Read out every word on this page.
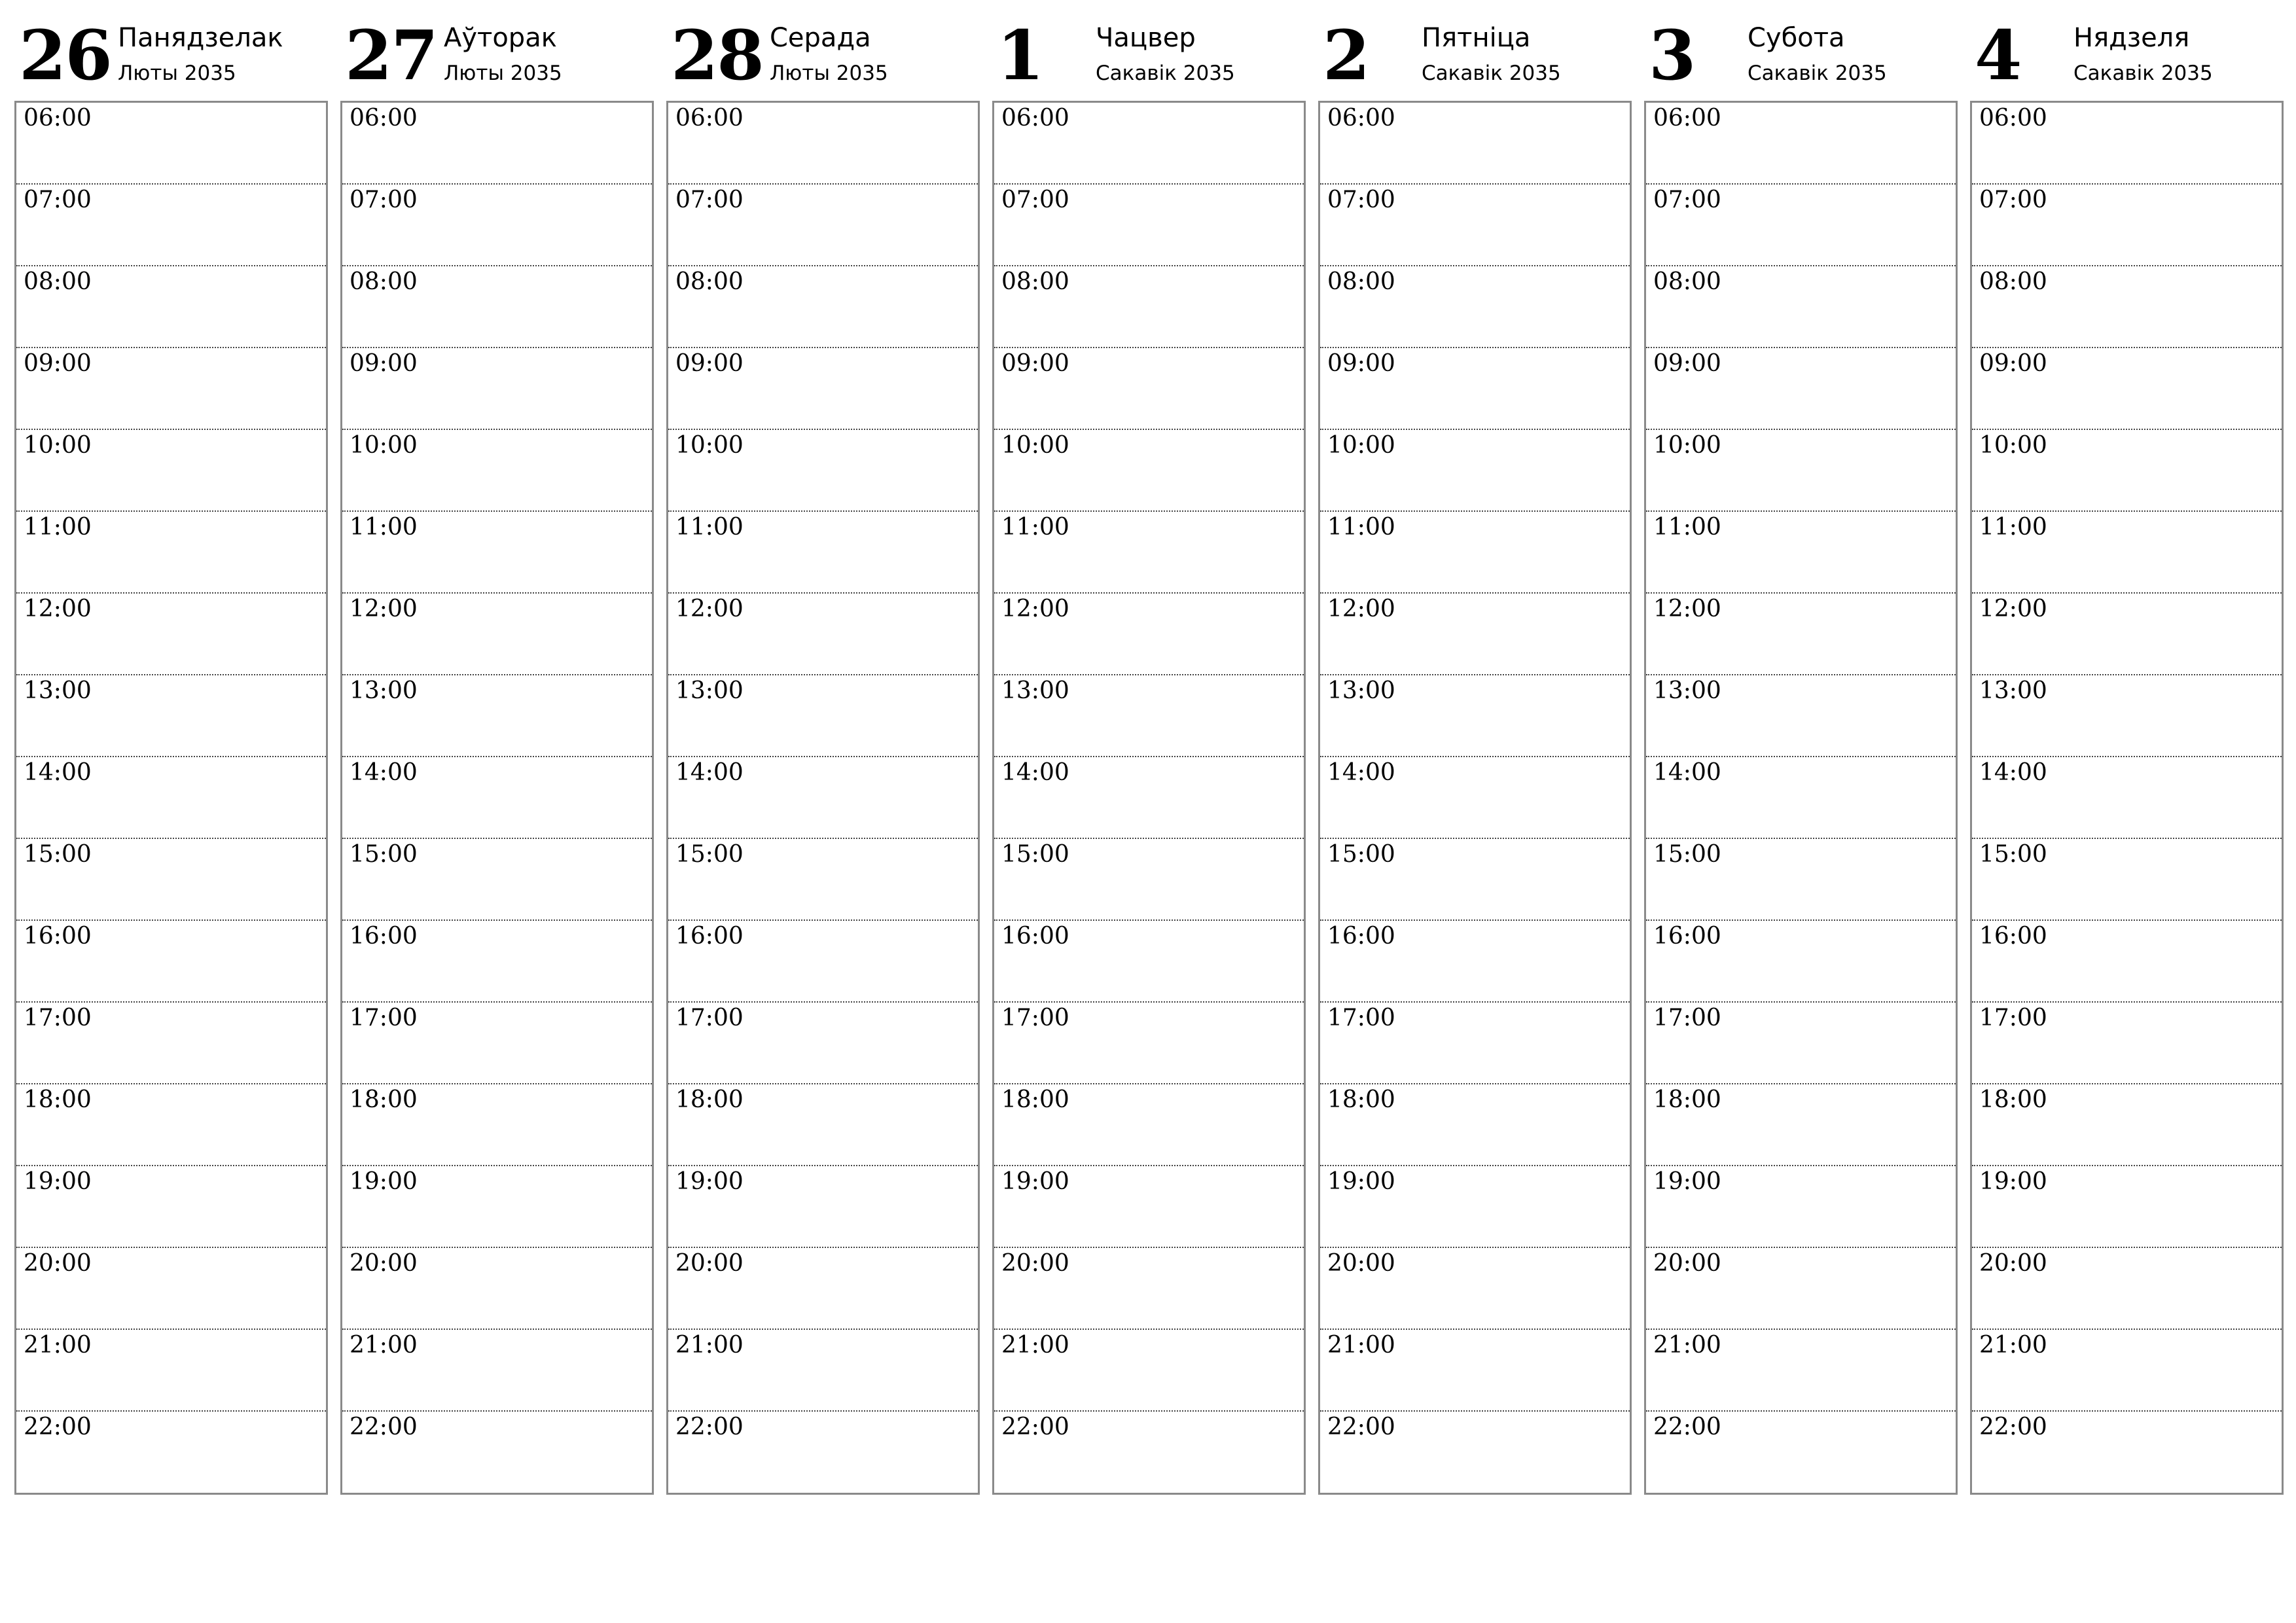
26 Панядзелак
Люты 2035
06:00
07:00
08:00
09:00
10:00
11:00
12:00
13:00
14:00
15:00
16:00
17:00
18:00
19:00
20:00
21:00
22:00
27 Аўторак
Люты 2035
06:00
07:00
08:00
09:00
10:00
11:00
12:00
13:00
14:00
15:00
16:00
17:00
18:00
19:00
20:00
21:00
22:00
28 Серада
Люты 2035
06:00
07:00
08:00
09:00
10:00
11:00
12:00
13:00
14:00
15:00
16:00
17:00
18:00
19:00
20:00
21:00
22:00
1 Чацвер
Сакавік 2035
06:00
07:00
08:00
09:00
10:00
11:00
12:00
13:00
14:00
15:00
16:00
17:00
18:00
19:00
20:00
21:00
22:00
2 Пятніца
Сакавік 2035
06:00
07:00
08:00
09:00
10:00
11:00
12:00
13:00
14:00
15:00
16:00
17:00
18:00
19:00
20:00
21:00
22:00
3 Субота
Сакавік 2035
06:00
07:00
08:00
09:00
10:00
11:00
12:00
13:00
14:00
15:00
16:00
17:00
18:00
19:00
20:00
21:00
22:00
4 Нядзеля
Сакавік 2035
06:00
07:00
08:00
09:00
10:00
11:00
12:00
13:00
14:00
15:00
16:00
17:00
18:00
19:00
20:00
21:00
22:00
